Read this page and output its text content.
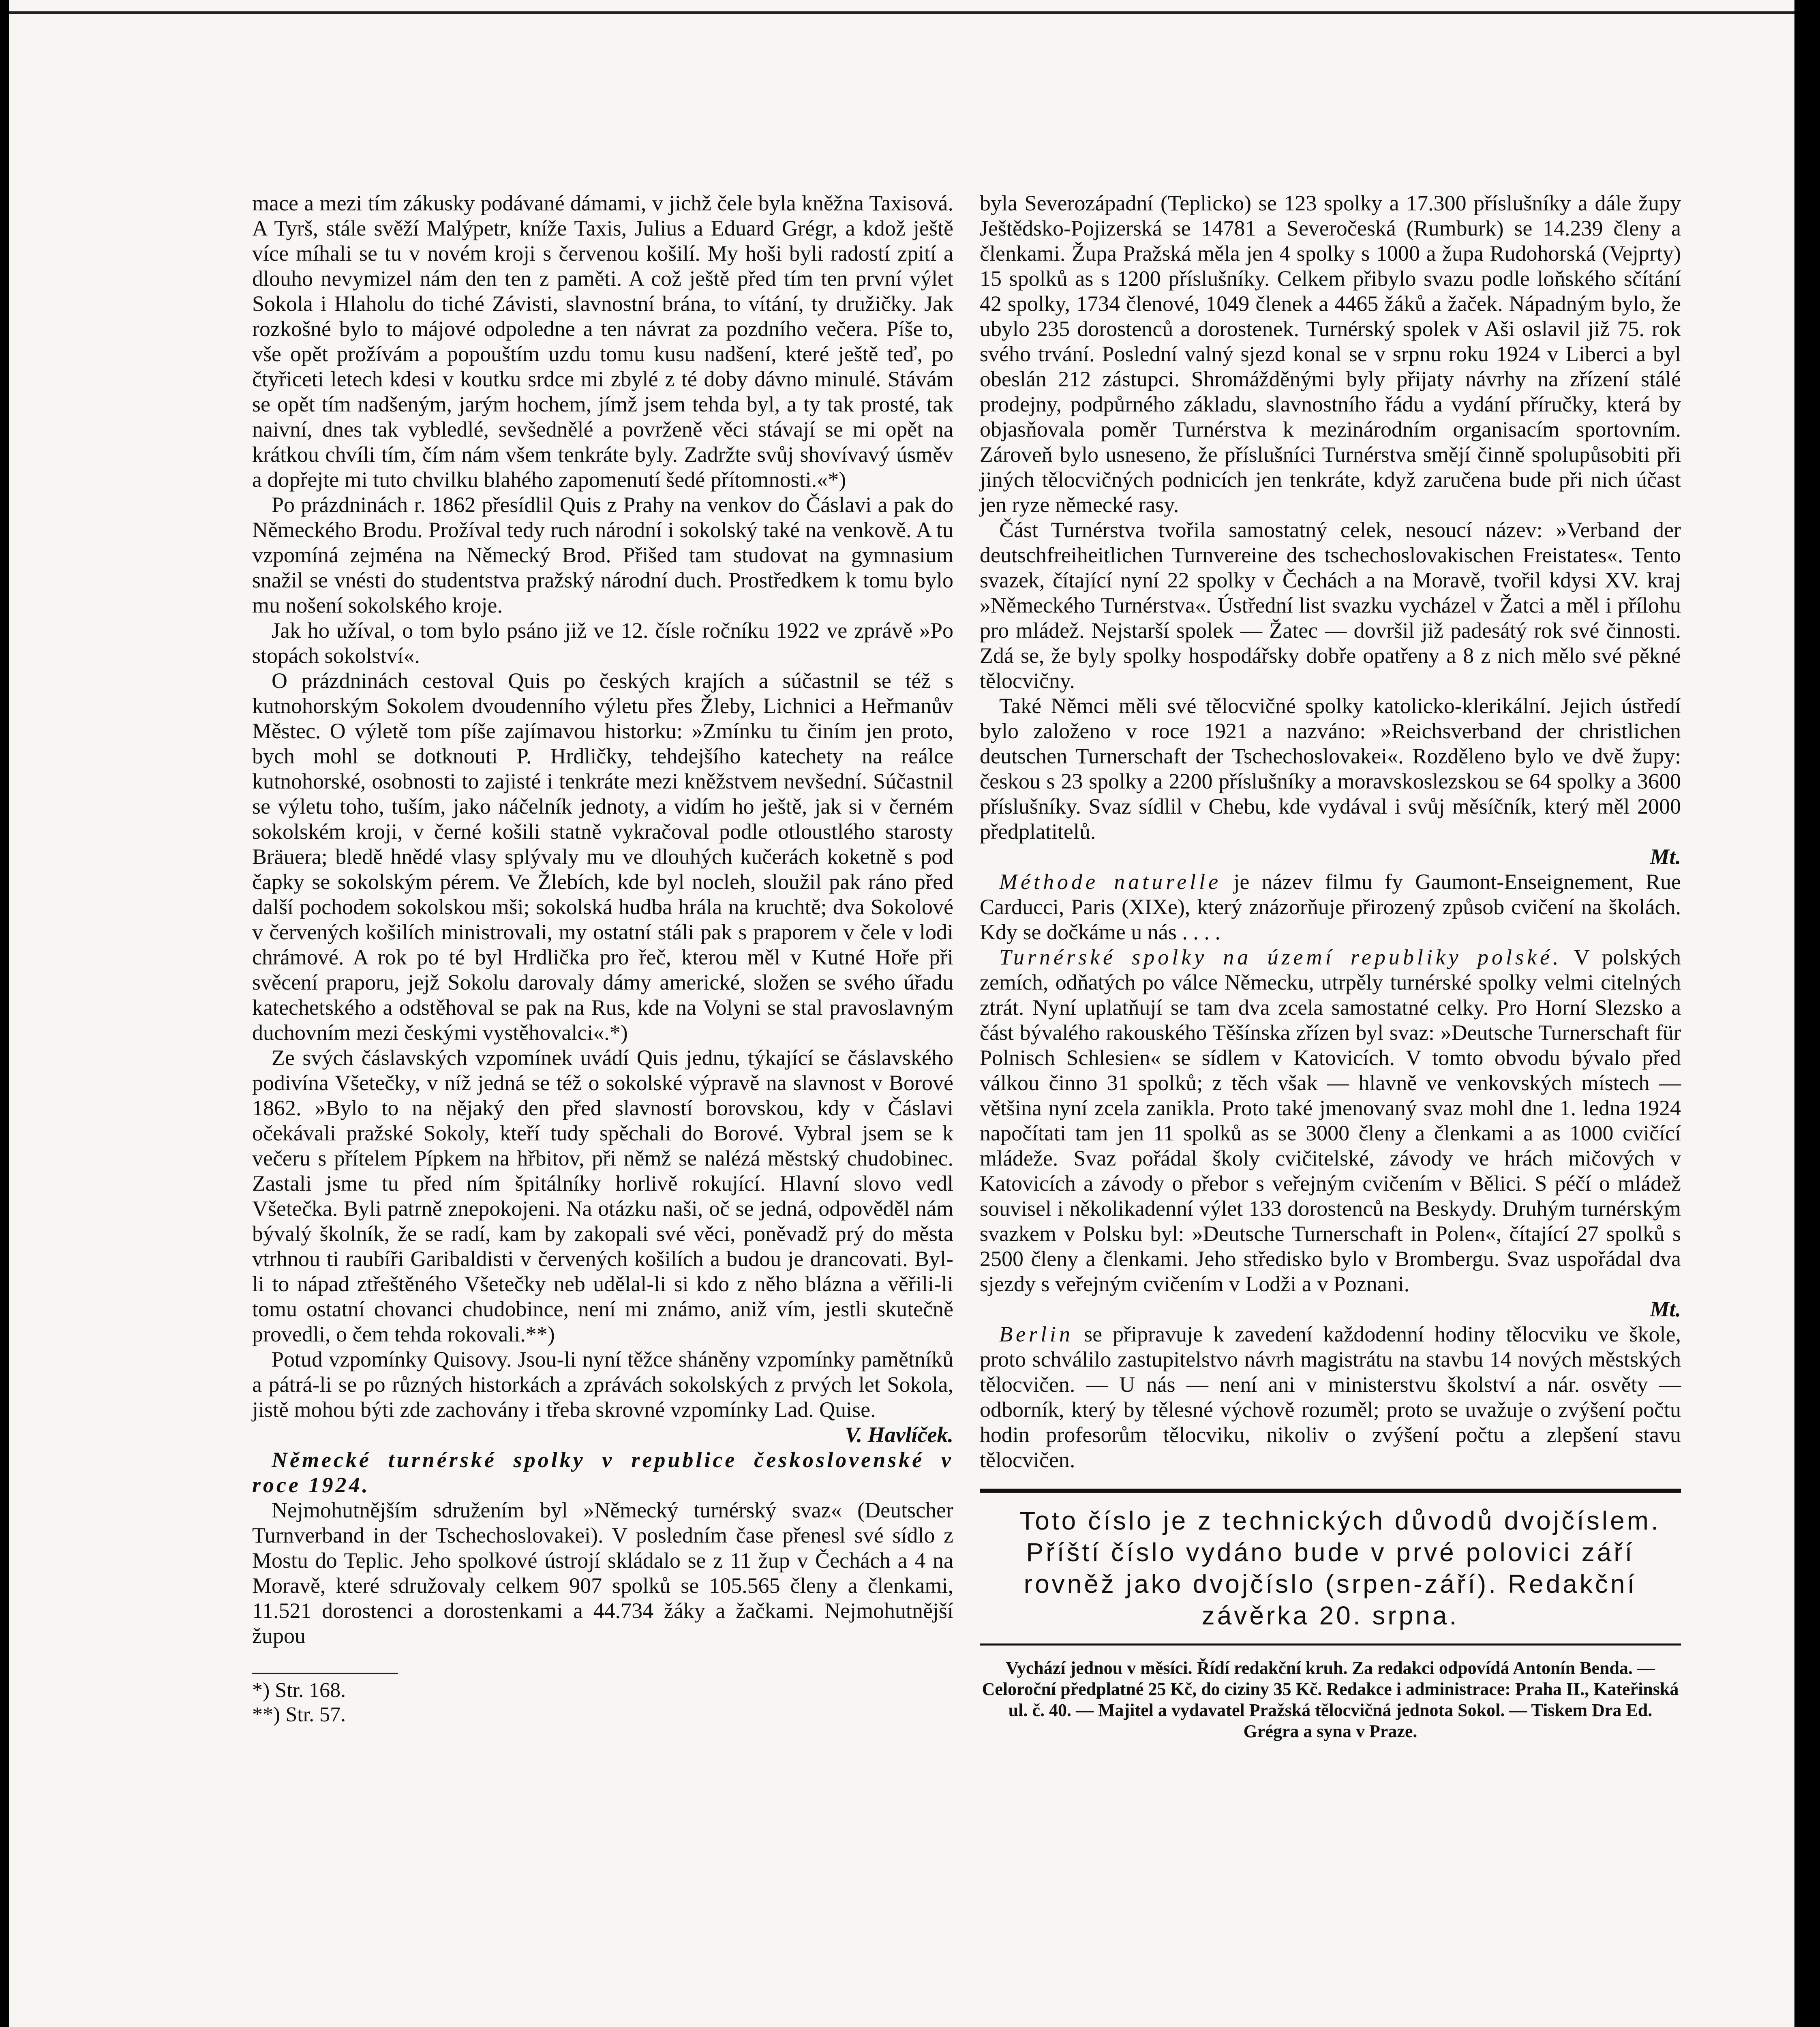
mace a mezi tím zákusky podávané dámami, v jichž čele byla kněžna Taxisová. A Tyrš, stále svěží Malýpetr, kníže Taxis, Julius a Eduard Grégr, a kdož ještě více míhali se tu v novém kroji s červenou košilí. My hoši byli radostí zpití a dlouho nevymizel nám den ten z paměti. A což ještě před tím ten první výlet Sokola i Hlaholu do tiché Závisti, slavnostní brána, to vítání, ty družičky. Jak rozkošné bylo to májové odpoledne a ten návrat za pozdního večera. Píše to, vše opět prožívám a popouštím uzdu tomu kusu nadšení, které ještě teď, po čtyřiceti letech kdesi v koutku srdce mi zbylé z té doby dávno minulé. Stávám se opět tím nadšeným, jarým hochem, jímž jsem tehda byl, a ty tak prosté, tak naivní, dnes tak vybledlé, sevšednělé a povrženě věci stávají se mi opět na krátkou chvíli tím, čím nám všem tenkráte byly. Zadržte svůj shovívavý úsměv a dopřejte mi tuto chvilku blahého zapomenutí šedé přítomnosti.«*)

Po prázdninách r. 1862 přesídlil Quis z Prahy na venkov do Čáslavi a pak do Německého Brodu. Prožíval tedy ruch národní i sokolský také na venkově. A tu vzpomíná zejména na Německý Brod. Přišed tam studovat na gymnasium snažil se vnésti do studentstva pražský národní duch. Prostředkem k tomu bylo mu nošení sokolského kroje.

Jak ho užíval, o tom bylo psáno již ve 12. čísle ročníku 1922 ve zprávě »Po stopách sokolství«.

O prázdninách cestoval Quis po českých krajích a súčastnil se též s kutnohorským Sokolem dvoudenního výletu přes Žleby, Lichnici a Heřmanův Městec. O výletě tom píše zajímavou historku: »Zmínku tu činím jen proto, bych mohl se dotknouti P. Hrdličky, tehdejšího katechety na reálce kutnohorské, osobnosti to zajisté i tenkráte mezi kněžstvem nevšední. Súčastnil se výletu toho, tuším, jako náčelník jednoty, a vidím ho ještě, jak si v černém sokolském kroji, v černé košili statně vykračoval podle otloustlého starosty Bräuera; bledě hnědé vlasy splývaly mu ve dlouhých kučerách koketně s pod čapky se sokolským pérem. Ve Žlebích, kde byl nocleh, sloužil pak ráno před další pochodem sokolskou mši; sokolská hudba hrála na kruchtě; dva Sokolové v červených košilích ministrovali, my ostatní stáli pak s praporem v čele v lodi chrámové. A rok po té byl Hrdlička pro řeč, kterou měl v Kutné Hoře při svěcení praporu, jejž Sokolu darovaly dámy americké, složen se svého úřadu katechetského a odstěhoval se pak na Rus, kde na Volyni se stal pravoslavným duchovním mezi českými vystěhovalci«.*)

Ze svých čáslavských vzpomínek uvádí Quis jednu, týkající se čáslavského podivína Všetečky, v níž jedná se též o sokolské výpravě na slavnost v Borové 1862. »Bylo to na nějaký den před slavností borovskou, kdy v Čáslavi očekávali pražské Sokoly, kteří tudy spěchali do Borové. Vybral jsem se k večeru s přítelem Pípkem na hřbitov, při němž se nalézá městský chudobinec. Zastali jsme tu před ním špitálníky horlivě rokující. Hlavní slovo vedl Všetečka. Byli patrně znepokojeni. Na otázku naši, oč se jedná, odpověděl nám bývalý školník, že se radí, kam by zakopali své věci, poněvadž prý do města vtrhnou ti raubíři Garibaldisti v červených košilích a budou je drancovati. Byl-li to nápad ztřeštěného Všetečky neb udělal-li si kdo z něho blázna a věřili-li tomu ostatní chovanci chudobince, není mi známo, aniž vím, jestli skutečně provedli, o čem tehda rokovali.**)

Potud vzpomínky Quisovy. Jsou-li nyní těžce sháněny vzpomínky pamětníků a pátrá-li se po různých historkách a zprávách sokolských z prvých let Sokola, jistě mohou býti zde zachovány i třeba skrovné vzpomínky Lad. Quise.

V. Havlíček.

Německé turnérské spolky v republice československé v roce 1924.

Nejmohutnějším sdružením byl »Německý turnérský svaz« (Deutscher Turnverband in der Tschechoslovakei). V posledním čase přenesl své sídlo z Mostu do Teplic. Jeho spolkové ústrojí skládalo se z 11 žup v Čechách a 4 na Moravě, které sdružovaly celkem 907 spolků se 105.565 členy a členkami, 11.521 dorostenci a dorostenkami a 44.734 žáky a žačkami. Nejmohutnější župou

*) Str. 168.
**) Str. 57.

byla Severozápadní (Teplicko) se 123 spolky a 17.300 příslušníky a dále župy Ještědsko-Pojizerská se 14781 a Severočeská (Rumburk) se 14.239 členy a členkami. Župa Pražská měla jen 4 spolky s 1000 a župa Rudohorská (Vejprty) 15 spolků as s 1200 příslušníky. Celkem přibylo svazu podle loňského sčítání 42 spolky, 1734 členové, 1049 členek a 4465 žáků a žaček. Nápadným bylo, že ubylo 235 dorostenců a dorostenek. Turnérský spolek v Aši oslavil již 75. rok svého trvání. Poslední valný sjezd konal se v srpnu roku 1924 v Liberci a byl obeslán 212 zástupci. Shromážděnými byly přijaty návrhy na zřízení stálé prodejny, podpůrného základu, slavnostního řádu a vydání příručky, která by objasňovala poměr Turnérstva k mezinárodním organisacím sportovním. Zároveň bylo usneseno, že příslušníci Turnérstva smějí činně spolupůsobiti při jiných tělocvičných podnicích jen tenkráte, když zaručena bude při nich účast jen ryze německé rasy.

Část Turnérstva tvořila samostatný celek, nesoucí název: »Verband der deutschfreiheitlichen Turnvereine des tschechoslovakischen Freistates«. Tento svazek, čítající nyní 22 spolky v Čechách a na Moravě, tvořil kdysi XV. kraj »Německého Turnérstva«. Ústřední list svazku vycházel v Žatci a měl i přílohu pro mládež. Nejstarší spolek — Žatec — dovršil již padesátý rok své činnosti. Zdá se, že byly spolky hospodářsky dobře opatřeny a 8 z nich mělo své pěkné tělocvičny.

Také Němci měli své tělocvičné spolky katolicko-klerikální. Jejich ústředí bylo založeno v roce 1921 a nazváno: »Reichsverband der christlichen deutschen Turnerschaft der Tschechoslovakei«. Rozděleno bylo ve dvě župy: českou s 23 spolky a 2200 příslušníky a moravskoslezskou se 64 spolky a 3600 příslušníky. Svaz sídlil v Chebu, kde vydával i svůj měsíčník, který měl 2000 předplatitelů.

Mt.

Méthode naturelle je název filmu fy Gaumont-Enseignement, Rue Carducci, Paris (XIXe), který znázorňuje přirozený způsob cvičení na školách. Kdy se dočkáme u nás . . . .

Turnérské spolky na území republiky polské. V polských zemích, odňatých po válce Německu, utrpěly turnérské spolky velmi citelných ztrát. Nyní uplatňují se tam dva zcela samostatné celky. Pro Horní Slezsko a část bývalého rakouského Těšínska zřízen byl svaz: »Deutsche Turnerschaft für Polnisch Schlesien« se sídlem v Katovicích. V tomto obvodu bývalo před válkou činno 31 spolků; z těch však — hlavně ve venkovských místech — většina nyní zcela zanikla. Proto také jmenovaný svaz mohl dne 1. ledna 1924 napočítati tam jen 11 spolků as se 3000 členy a členkami a as 1000 cvičící mládeže. Svaz pořádal školy cvičitelské, závody ve hrách mičových v Katovicích a závody o přebor s veřejným cvičením v Bělici. S péčí o mládež souvisel i několikadenní výlet 133 dorostenců na Beskydy. Druhým turnérským svazkem v Polsku byl: »Deutsche Turnerschaft in Polen«, čítající 27 spolků s 2500 členy a členkami. Jeho středisko bylo v Brombergu. Svaz uspořádal dva sjezdy s veřejným cvičením v Lodži a v Poznani.

Mt.

Berlin se připravuje k zavedení každodenní hodiny tělocviku ve škole, proto schválilo zastupitelstvo návrh magistrátu na stavbu 14 nových městských tělocvičen. — U nás — není ani v ministerstvu školství a nár. osvěty — odborník, který by tělesné výchově rozuměl; proto se uvažuje o zvýšení počtu hodin profesorům tělocviku, nikoliv o zvýšení počtu a zlepšení stavu tělocvičen.

Toto číslo je z technických důvodů dvojčíslem. Příští číslo vydáno bude v prvé polovici září rovněž jako dvojčíslo (srpen-září). Redakční závěrka 20. srpna.

Vychází jednou v měsíci. Řídí redakční kruh. Za redakci odpovídá Antonín Benda. — Celoroční předplatné 25 Kč, do ciziny 35 Kč. Redakce i administrace: Praha II., Kateřinská ul. č. 40. — Majitel a vydavatel Pražská tělocvičná jednota Sokol. — Tiskem Dra Ed. Grégra a syna v Praze.
